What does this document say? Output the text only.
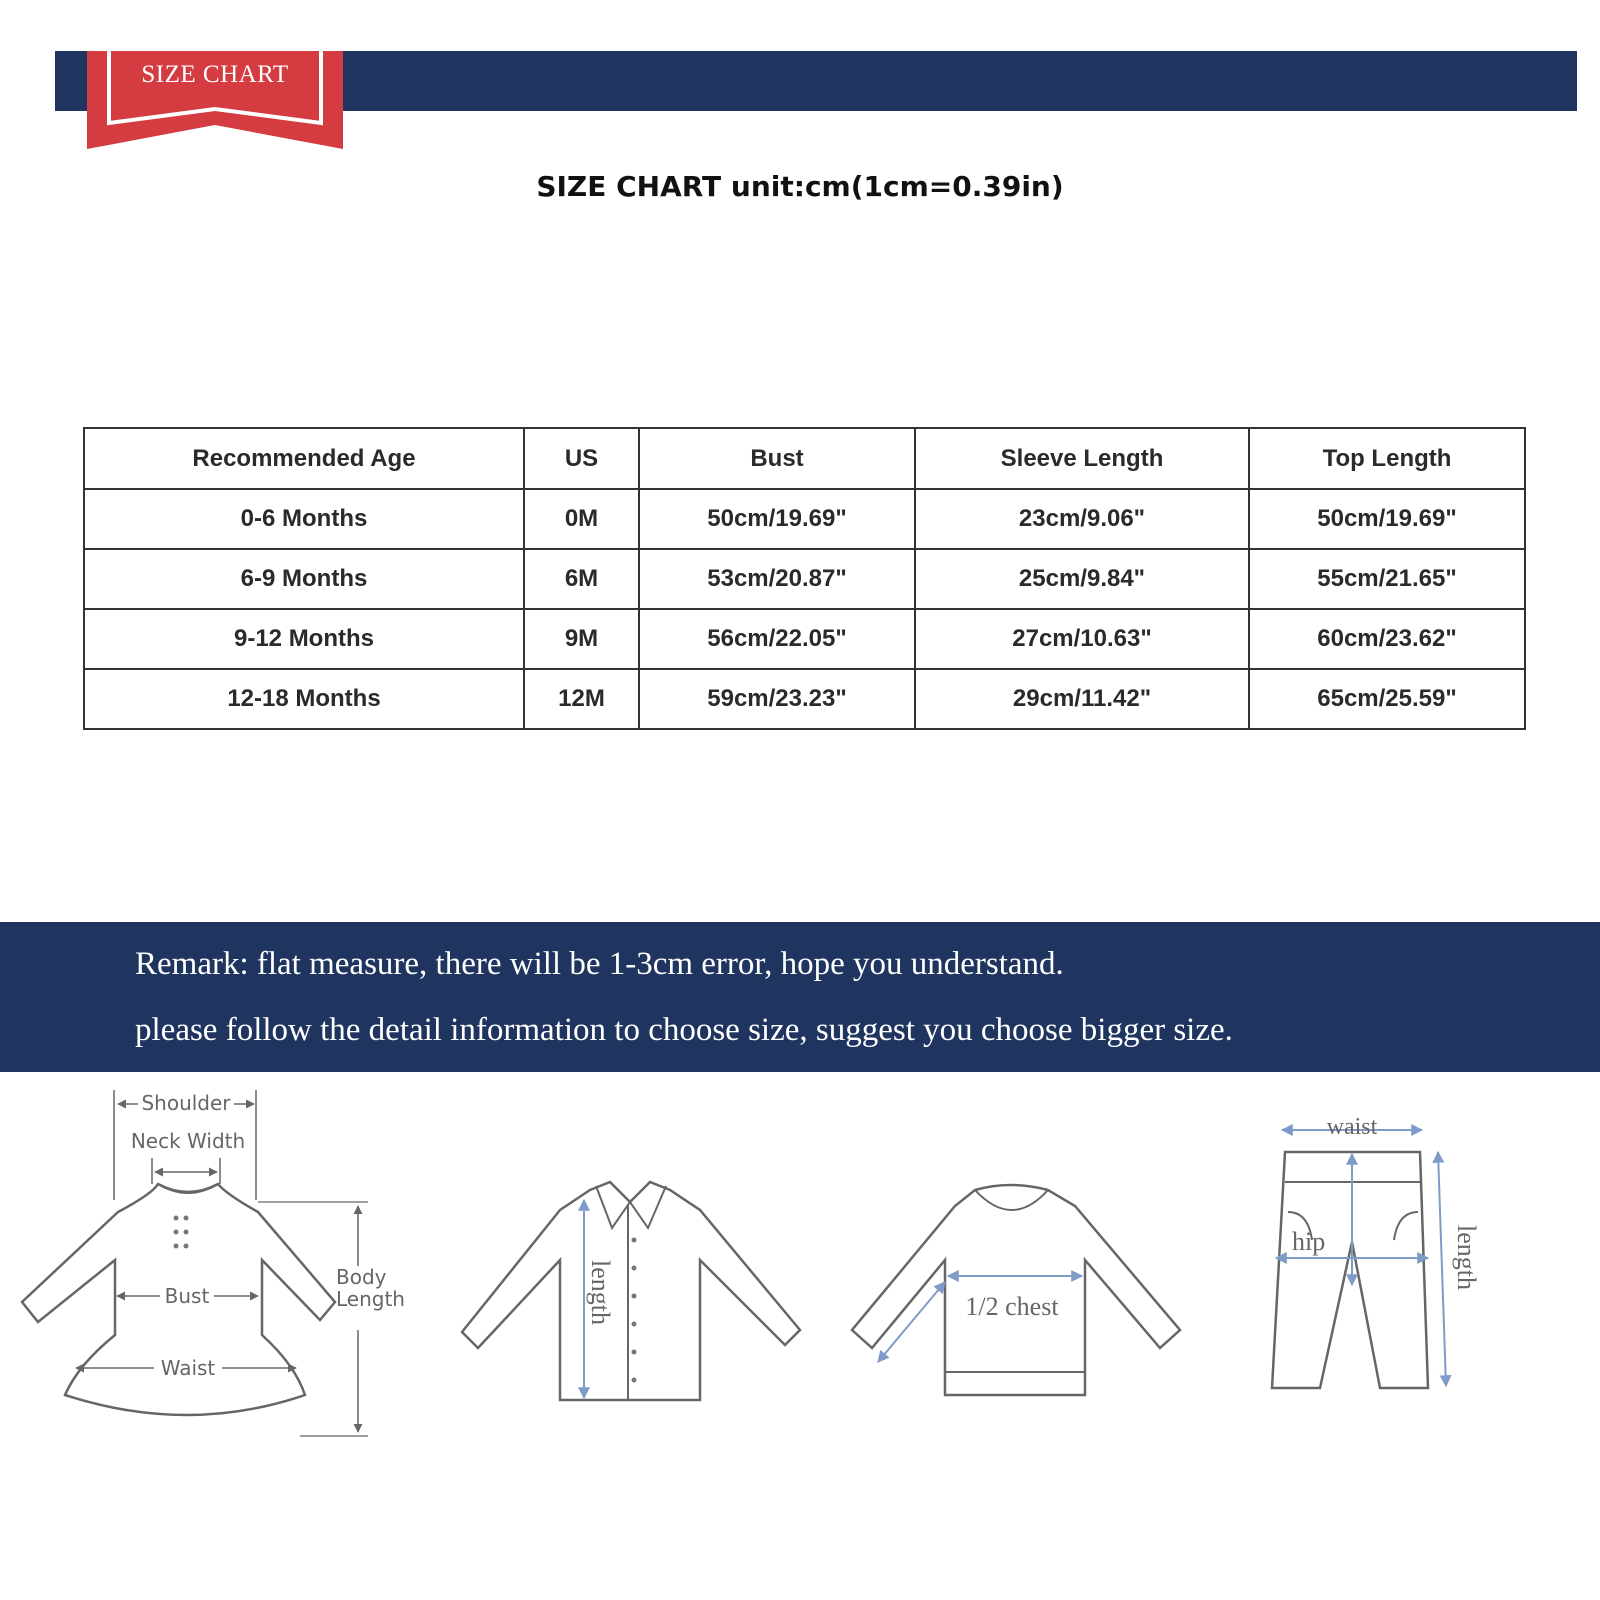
SIZE CHART
SIZE CHART unit:cm(1cm=0.39in)
Recommended Age	US	Bust	Sleeve Length	Top Length
0-6 Months	0M	50cm/19.69"	23cm/9.06"	50cm/19.69"
6-9 Months	6M	53cm/20.87"	25cm/9.84"	55cm/21.65"
9-12 Months	9M	56cm/22.05"	27cm/10.63"	60cm/23.62"
12-18 Months	12M	59cm/23.23"	29cm/11.42"	65cm/25.59"
Remark: flat measure, there will be 1-3cm error, hope you understand.
please follow the detail information to choose size, suggest you choose bigger size.
Shoulder
Neck Width
Bust
Waist
Body
Length	length	1/2 chest
waist
hip	length
